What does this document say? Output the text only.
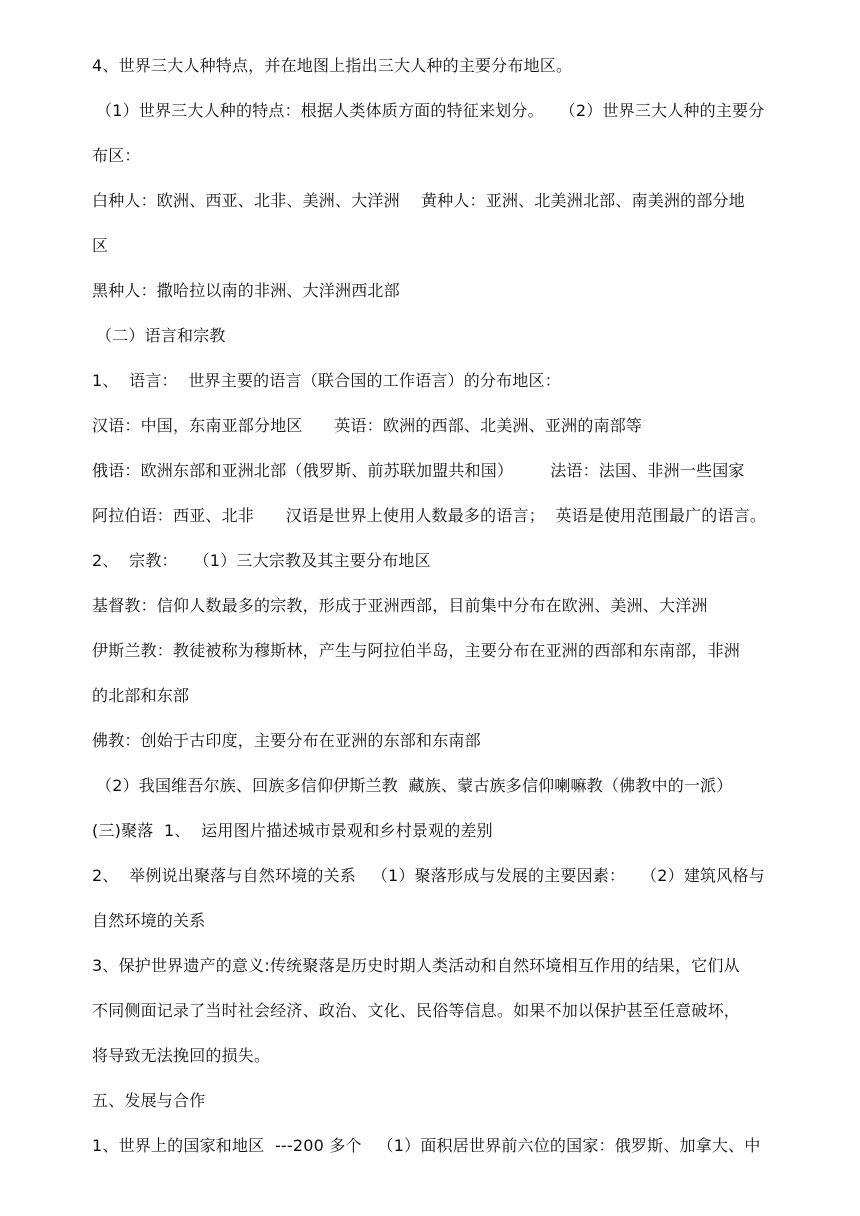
4、世界三大人种特点，并在地图上指出三大人种的主要分布地区。
（1）世界三大人种的特点：根据人类体质方面的特征来划分。   （2）世界三大人种的主要分
布区：
白种人：欧洲、西亚、北非、美洲、大洋洲    黄种人：亚洲、北美洲北部、南美洲的部分地
区
黑种人：撒哈拉以南的非洲、大洋洲西北部
（二）语言和宗教
1、  语言：  世界主要的语言（联合国的工作语言）的分布地区：
汉语：中国，东南亚部分地区      英语：欧洲的西部、北美洲、亚洲的南部等
俄语：欧洲东部和亚洲北部（俄罗斯、前苏联加盟共和国）       法语：法国、非洲一些国家
阿拉伯语：西亚、北非      汉语是世界上使用人数最多的语言；  英语是使用范围最广的语言。
2、  宗教：   （1）三大宗教及其主要分布地区
基督教：信仰人数最多的宗教，形成于亚洲西部，目前集中分布在欧洲、美洲、大洋洲
伊斯兰教：教徒被称为穆斯林，产生与阿拉伯半岛，主要分布在亚洲的西部和东南部，非洲
的北部和东部
佛教：创始于古印度，主要分布在亚洲的东部和东南部
（2）我国维吾尔族、回族多信仰伊斯兰教  藏族、蒙古族多信仰喇嘛教（佛教中的一派）
(三)聚落  1、  运用图片描述城市景观和乡村景观的差别
2、  举例说出聚落与自然环境的关系   （1）聚落形成与发展的主要因素：   （2）建筑风格与
自然环境的关系
3、保护世界遗产的意义:传统聚落是历史时期人类活动和自然环境相互作用的结果，它们从
不同侧面记录了当时社会经济、政治、文化、民俗等信息。如果不加以保护甚至任意破坏，
将导致无法挽回的损失。
五、发展与合作
1、世界上的国家和地区  ---200 多个   （1）面积居世界前六位的国家：俄罗斯、加拿大、中
